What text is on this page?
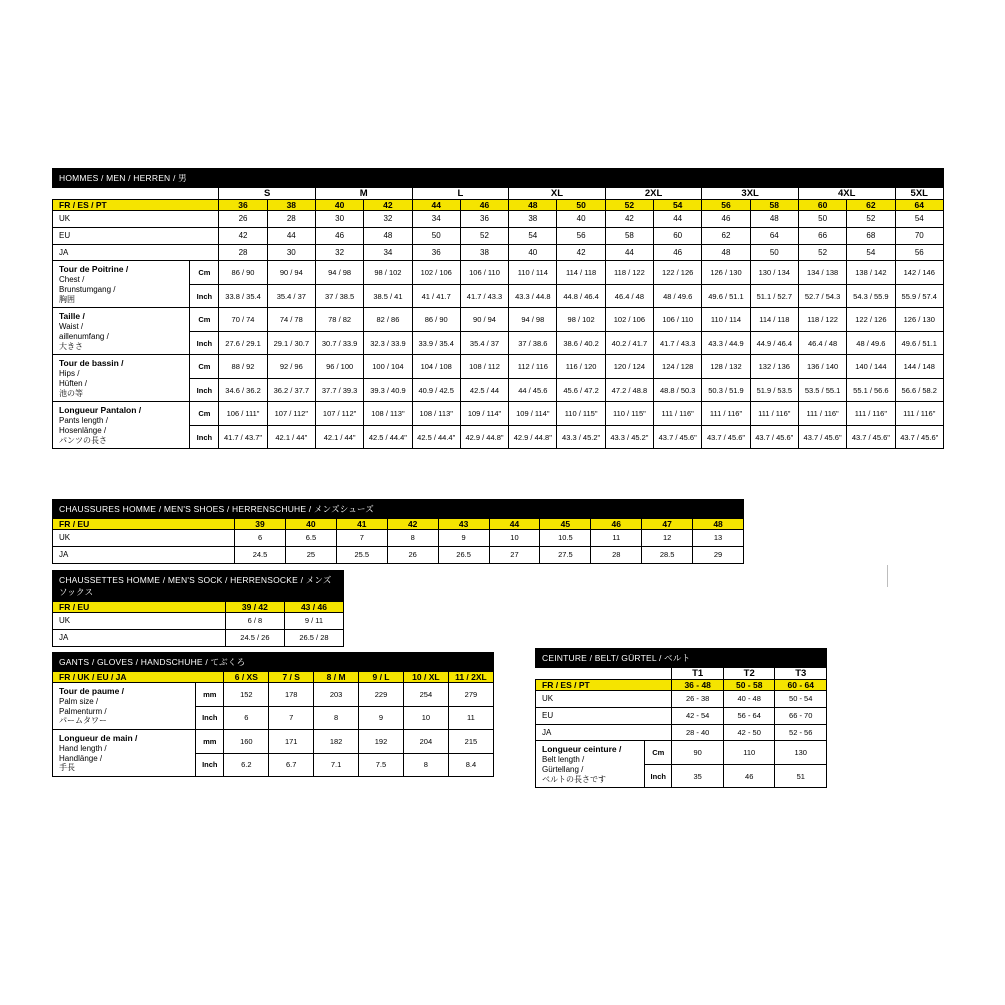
HOMMES / MEN / HERREN / 男																
		S		M		L		XL		2XL		3XL		4XL		5XL
FR / ES / PT		36	38	40	42	44	46	48	50	52	54	56	58	60	62	64
UK		26	28	30	32	34	36	38	40	42	44	46	48	50	52	54
EU		42	44	46	48	50	52	54	56	58	60	62	64	66	68	70
JA		28	30	32	34	36	38	40	42	44	46	48	50	52	54	56
Tour de Poitrine /
Chest /
Brunstumgang /
胸囲	Cm	86 / 90	90 / 94	94 / 98	98 / 102	102 / 106	106 / 110	110 / 114	114 / 118	118 / 122	122 / 126	126 / 130	130 / 134	134 / 138	138 / 142	142 / 146
	Inch	33.8 / 35.4	35.4 / 37	37 / 38.5	38.5 / 41	41 / 41.7	41.7 / 43.3	43.3 / 44.8	44.8 / 46.4	46.4 / 48	48 / 49.6	49.6 / 51.1	51.1 / 52.7	52.7 / 54.3	54.3 / 55.9	55.9 / 57.4
Taille /
Waist /
aillenumfang /
大きさ	Cm	70 / 74	74 / 78	78 / 82	82 / 86	86 / 90	90 / 94	94 / 98	98 / 102	102 / 106	106 / 110	110 / 114	114 / 118	118 / 122	122 / 126	126 / 130
	Inch	27.6 / 29.1	29.1 / 30.7	30.7 / 33.9	32.3 / 33.9	33.9 / 35.4	35.4 / 37	37 / 38.6	38.6 / 40.2	40.2 / 41.7	41.7 / 43.3	43.3 / 44.9	44.9 / 46.4	46.4 / 48	48 / 49.6	49.6 / 51.1
Tour de bassin /
Hips /
Hüften /
池の等	Cm	88 / 92	92 / 96	96 / 100	100 / 104	104 / 108	108 / 112	112 / 116	116 / 120	120 / 124	124 / 128	128 / 132	132 / 136	136 / 140	140 / 144	144 / 148
	Inch	34.6 / 36.2	36.2 / 37.7	37.7 / 39.3	39.3 / 40.9	40.9 / 42.5	42.5 / 44	44 / 45.6	45.6 / 47.2	47.2 / 48.8	48.8 / 50.3	50.3 / 51.9	51.9 / 53.5	53.5 / 55.1	55.1 / 56.6	56.6 / 58.2
Longueur Pantalon /
Pants length /
Hosenlänge /
パンツの長さ	Cm	106 / 111"	107 / 112"	107 / 112"	108 / 113"	108 / 113"	109 / 114"	109 / 114"	110 / 115"	110 / 115"	111 / 116"	111 / 116"	111 / 116"	111 / 116"	111 / 116"	111 / 116"
	Inch	41.7 / 43.7"	42.1 / 44"	42.1 / 44"	42.5 / 44.4"	42.5 / 44.4"	42.9 / 44.8"	42.9 / 44.8"	43.3 / 45.2"	43.3 / 45.2"	43.7 / 45.6"	43.7 / 45.6"	43.7 / 45.6"	43.7 / 45.6"	43.7 / 45.6"	43.7 / 45.6"
CHAUSSURES HOMME / MEN'S SHOES / HERRENSCHUHE / メンズシューズ										
FR / EU	39	40	41	42	43	44	45	46	47	48
UK	6	6.5	7	8	9	10	10.5	11	12	13
JA	24.5	25	25.5	26	26.5	27	27.5	28	28.5	29
CHAUSSETTES HOMME / MEN'S SOCK / HERRENSOCKE / メンズソックス		
FR / EU	39 / 42	43 / 46
UK	6 / 8	9 / 11
JA	24.5 / 26	26.5 / 28
GANTS / GLOVES / HANDSCHUHE / てぶくろ							
FR / UK / EU / JA		6 / XS	7 / S	8 / M	9 / L	10 / XL	11 / 2XL
Tour de paume /
Palm size /
Palmenturm /
パームタワー	mm	152	178	203	229	254	279
	Inch	6	7	8	9	10	11
Longueur de main /
Hand length /
Handlänge /
手長	mm	160	171	182	192	204	215
	Inch	6.2	6.7	7.1	7.5	8	8.4
CEINTURE / BELT/ GÜRTEL / ベルト				
		T1	T2	T3
FR / ES / PT		36 - 48	50 - 58	60 - 64
UK		26 - 38	40 - 48	50 - 54
EU		42 - 54	56 - 64	66 - 70
JA		28 - 40	42 - 50	52 - 56
Longueur ceinture /
Belt length /
Gürtellang /
ベルトの長さです	Cm	90	110	130
	Inch	35	46	51
